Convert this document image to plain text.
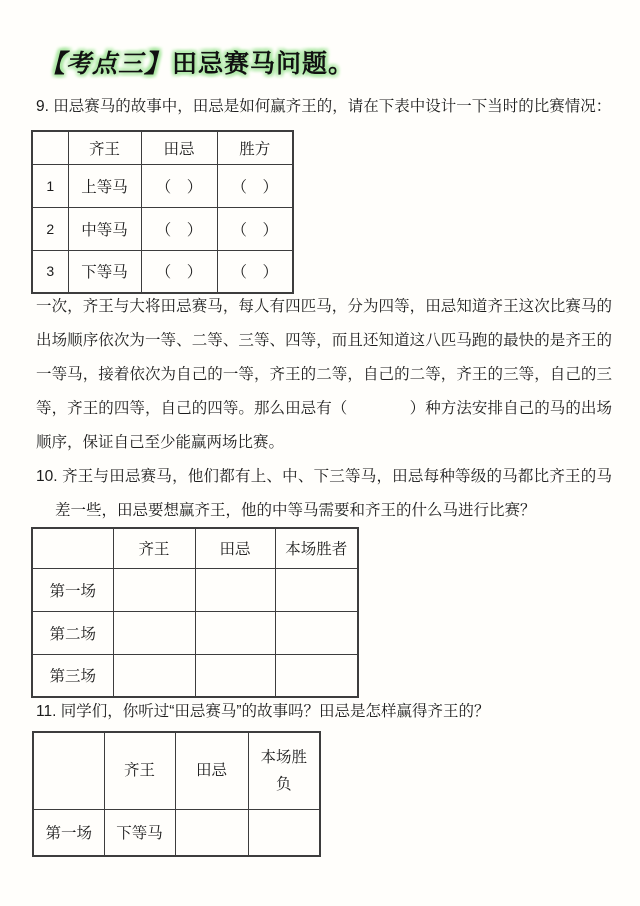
【考点三】田忌赛马问题。
9. 田忌赛马的故事中，田忌是如何赢齐王的，请在下表中设计一下当时的比赛情况：
	齐王	田忌	胜方
1	上等马	（　）	（　）
2	中等马	（　）	（　）
3	下等马	（　）	（　）
一次，齐王与大将田忌赛马，每人有四匹马，分为四等，田忌知道齐王这次比赛马的出场顺序依次为一等、二等、三等、四等，而且还知道这八匹马跑的最快的是齐王的一等马，接着依次为自己的一等，齐王的二等，自己的二等，齐王的三等，自己的三等，齐王的四等，自己的四等。那么田忌有（　　　　）种方法安排自己的马的出场顺序，保证自己至少能赢两场比赛。
10. 齐王与田忌赛马，他们都有上、中、下三等马，田忌每种等级的马都比齐王的马差一些，田忌要想赢齐王，他的中等马需要和齐王的什么马进行比赛？
	齐王	田忌	本场胜者
第一场			
第二场			
第三场			
11. 同学们，你听过“田忌赛马”的故事吗？田忌是怎样赢得齐王的？
	齐王	田忌	本场胜负
第一场	下等马		
